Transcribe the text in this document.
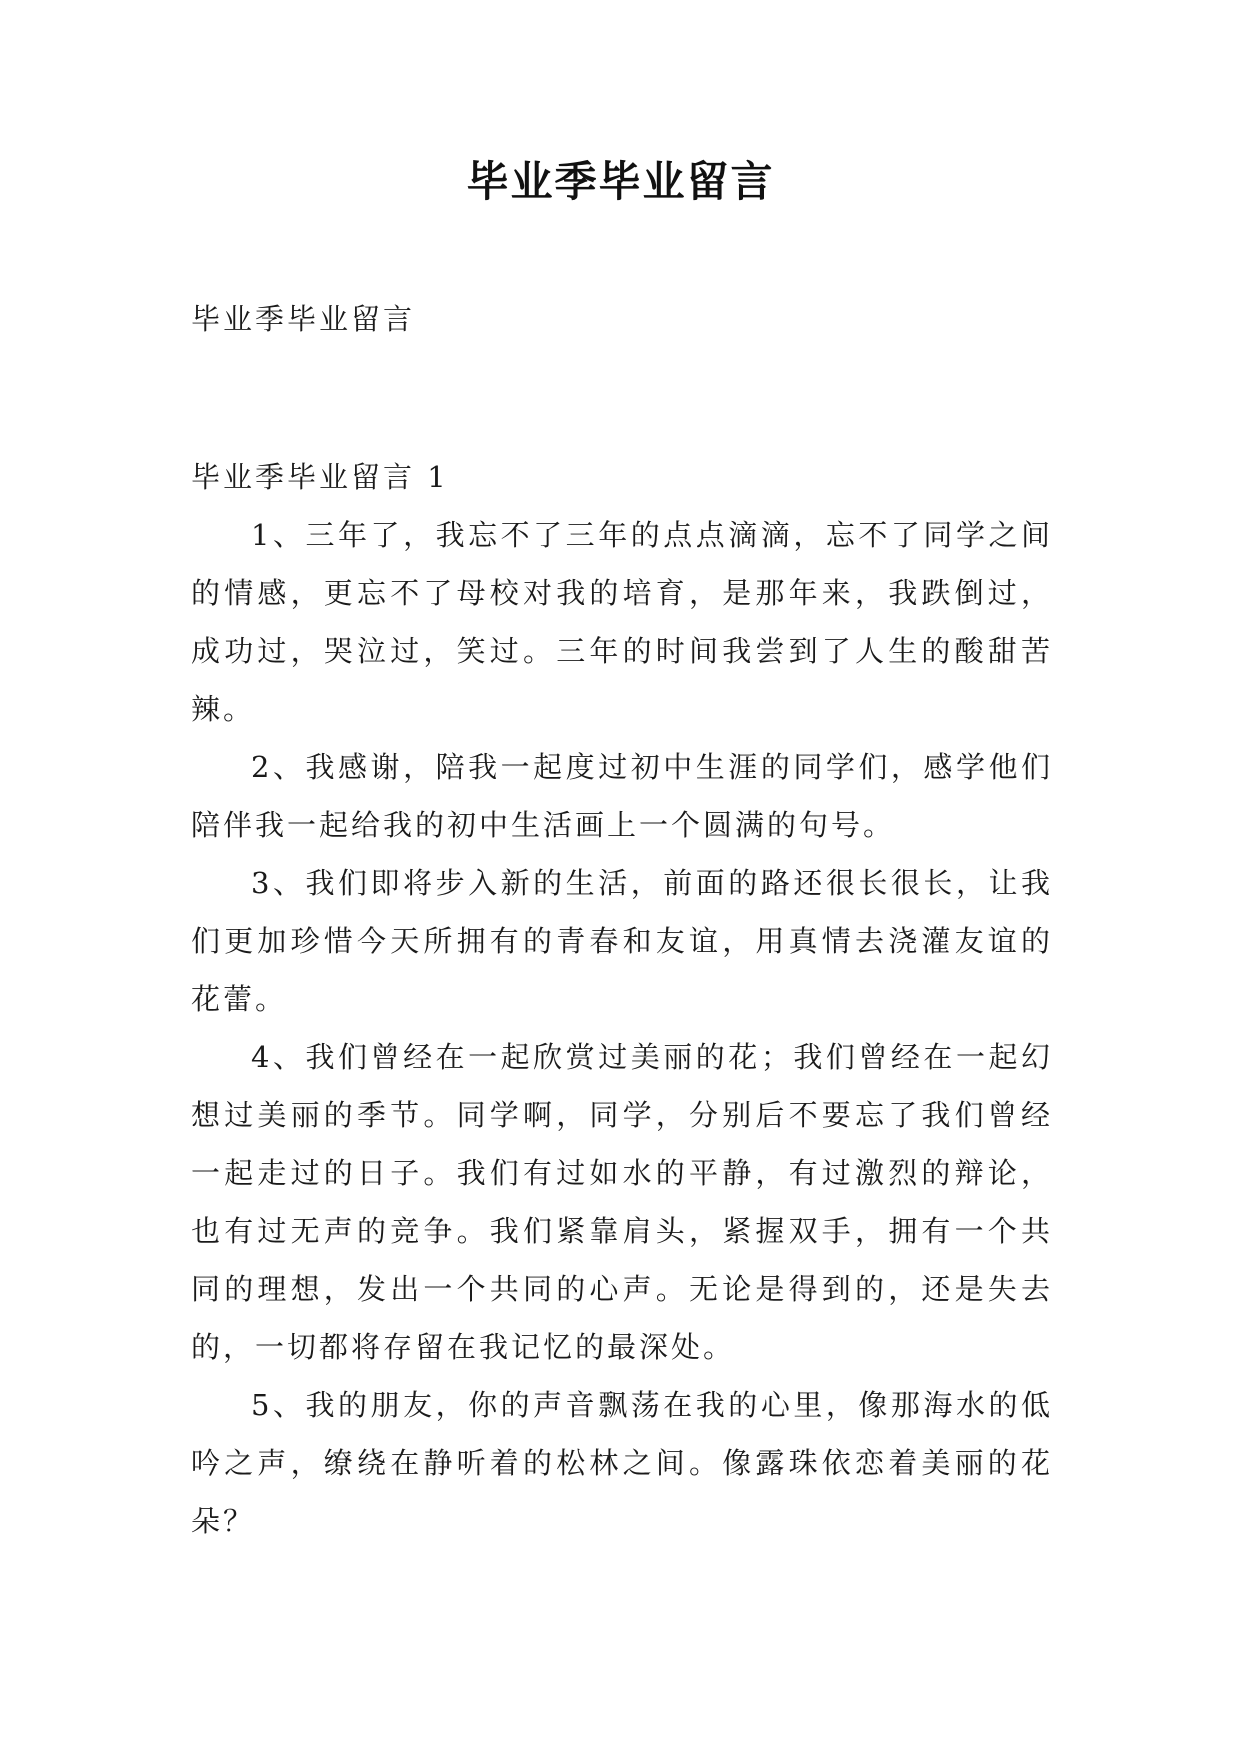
毕业季毕业留言

毕业季毕业留言

毕业季毕业留言 1

1、三年了，我忘不了三年的点点滴滴，忘不了同学之间的情感，更忘不了母校对我的培育，是那年来，我跌倒过，成功过，哭泣过，笑过。三年的时间我尝到了人生的酸甜苦辣。

2、我感谢，陪我一起度过初中生涯的同学们，感学他们陪伴我一起给我的初中生活画上一个圆满的句号。

3、我们即将步入新的生活，前面的路还很长很长，让我们更加珍惜今天所拥有的青春和友谊，用真情去浇灌友谊的花蕾。

4、我们曾经在一起欣赏过美丽的花；我们曾经在一起幻想过美丽的季节。同学啊，同学，分别后不要忘了我们曾经一起走过的日子。我们有过如水的平静，有过激烈的辩论，也有过无声的竞争。我们紧靠肩头，紧握双手，拥有一个共同的理想，发出一个共同的心声。无论是得到的，还是失去的，一切都将存留在我记忆的最深处。

5、我的朋友，你的声音飘荡在我的心里，像那海水的低吟之声，缭绕在静听着的松林之间。像露珠依恋着美丽的花朵？
